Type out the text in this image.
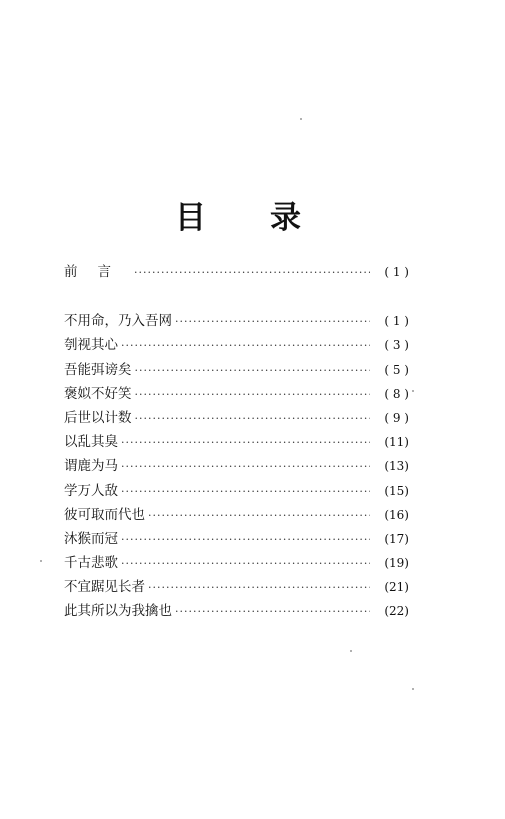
目 录
前言 ·····	( 1 )
不用命，乃入吾网 ·····	( 1 )
刳视其心 ·····	( 3 )
吾能弭谤矣 ·····	( 5 )
褒姒不好笑 ·····	( 8 )
后世以计数 ·····	( 9 )
以乱其臭 ·····	(11)
谓鹿为马 ·····	(13)
学万人敌 ·····	(15)
彼可取而代也 ·····	(16)
沐猴而冠 ·····	(17)
千古悲歌 ·····	(19)
不宜踞见长者 ·····	(21)
此其所以为我擒也 ·····	(22)
